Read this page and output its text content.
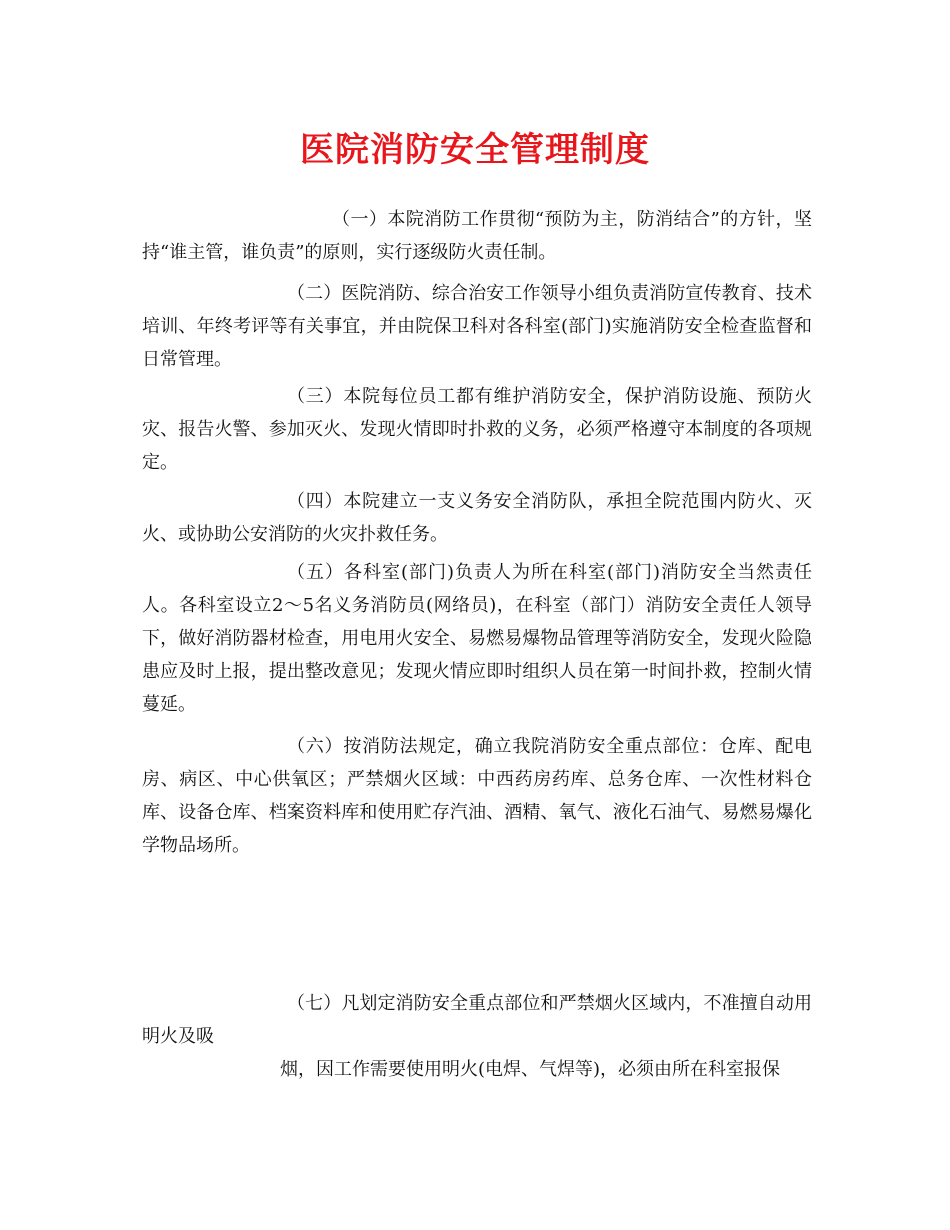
医院消防安全管理制度
（一）本院消防工作贯彻“预防为主，防消结合”的方针，坚持“谁主管，谁负责”的原则，实行逐级防火责任制。
（二）医院消防、综合治安工作领导小组负责消防宣传教育、技术培训、年终考评等有关事宜，并由院保卫科对各科室(部门)实施消防安全检查监督和日常管理。
（三）本院每位员工都有维护消防安全，保护消防设施、预防火灾、报告火警、参加灭火、发现火情即时扑救的义务，必须严格遵守本制度的各项规定。
（四）本院建立一支义务安全消防队，承担全院范围内防火、灭火、或协助公安消防的火灾扑救任务。
（五）各科室(部门)负责人为所在科室(部门)消防安全当然责任人。各科室设立2～5名义务消防员(网络员)，在科室（部门）消防安全责任人领导下，做好消防器材检查，用电用火安全、易燃易爆物品管理等消防安全，发现火险隐患应及时上报，提出整改意见；发现火情应即时组织人员在第一时间扑救，控制火情蔓延。
（六）按消防法规定，确立我院消防安全重点部位：仓库、配电房、病区、中心供氧区；严禁烟火区域：中西药房药库、总务仓库、一次性材料仓库、设备仓库、档案资料库和使用贮存汽油、酒精、氧气、液化石油气、易燃易爆化学物品场所。
（七）凡划定消防安全重点部位和严禁烟火区域内，不准擅自动用明火及吸
烟，因工作需要使用明火(电焊、气焊等)，必须由所在科室报保
